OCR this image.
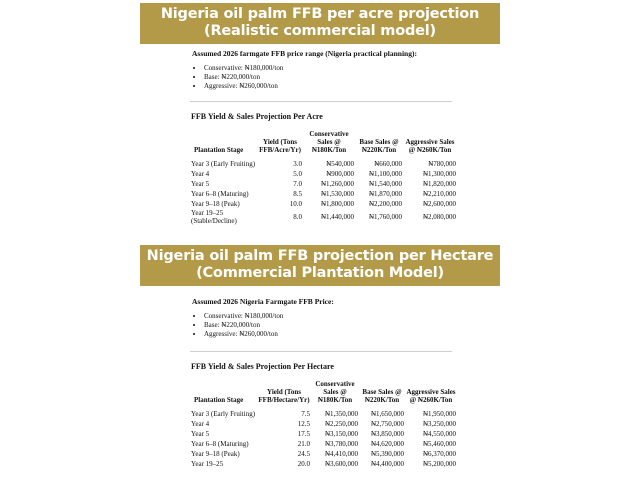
Nigeria oil palm FFB per acre projection
(Realistic commercial model)
Assumed 2026 farmgate FFB price range (Nigeria practical planning):
• Conservative: ₦180,000/ton
• Base: ₦220,000/ton
• Aggressive: ₦260,000/ton
FFB Yield & Sales Projection Per Acre
Plantation Stage	Yield (Tons FFB/Acre/Yr)	Conservative Sales @ ₦180K/Ton	Base Sales @ ₦220K/Ton	Aggressive Sales @ ₦260K/Ton
Year 3 (Early Fruiting)	3.0	₦540,000	₦660,000	₦780,000
Year 4	5.0	₦900,000	₦1,100,000	₦1,300,000
Year 5	7.0	₦1,260,000	₦1,540,000	₦1,820,000
Year 6–8 (Maturing)	8.5	₦1,530,000	₦1,870,000	₦2,210,000
Year 9–18 (Peak)	10.0	₦1,800,000	₦2,200,000	₦2,600,000
Year 19–25 (Stable/Decline)	8.0	₦1,440,000	₦1,760,000	₦2,080,000
Nigeria oil palm FFB projection per Hectare
(Commercial Plantation Model)
Assumed 2026 Nigeria Farmgate FFB Price:
• Conservative: ₦180,000/ton
• Base: ₦220,000/ton
• Aggressive: ₦260,000/ton
FFB Yield & Sales Projection Per Hectare
Plantation Stage	Yield (Tons FFB/Hectare/Yr)	Conservative Sales @ ₦180K/Ton	Base Sales @ ₦220K/Ton	Aggressive Sales @ ₦260K/Ton
Year 3 (Early Fruiting)	7.5	₦1,350,000	₦1,650,000	₦1,950,000
Year 4	12.5	₦2,250,000	₦2,750,000	₦3,250,000
Year 5	17.5	₦3,150,000	₦3,850,000	₦4,550,000
Year 6–8 (Maturing)	21.0	₦3,780,000	₦4,620,000	₦5,460,000
Year 9–18 (Peak)	24.5	₦4,410,000	₦5,390,000	₦6,370,000
Year 19–25	20.0	₦3,600,000	₦4,400,000	₦5,200,000
